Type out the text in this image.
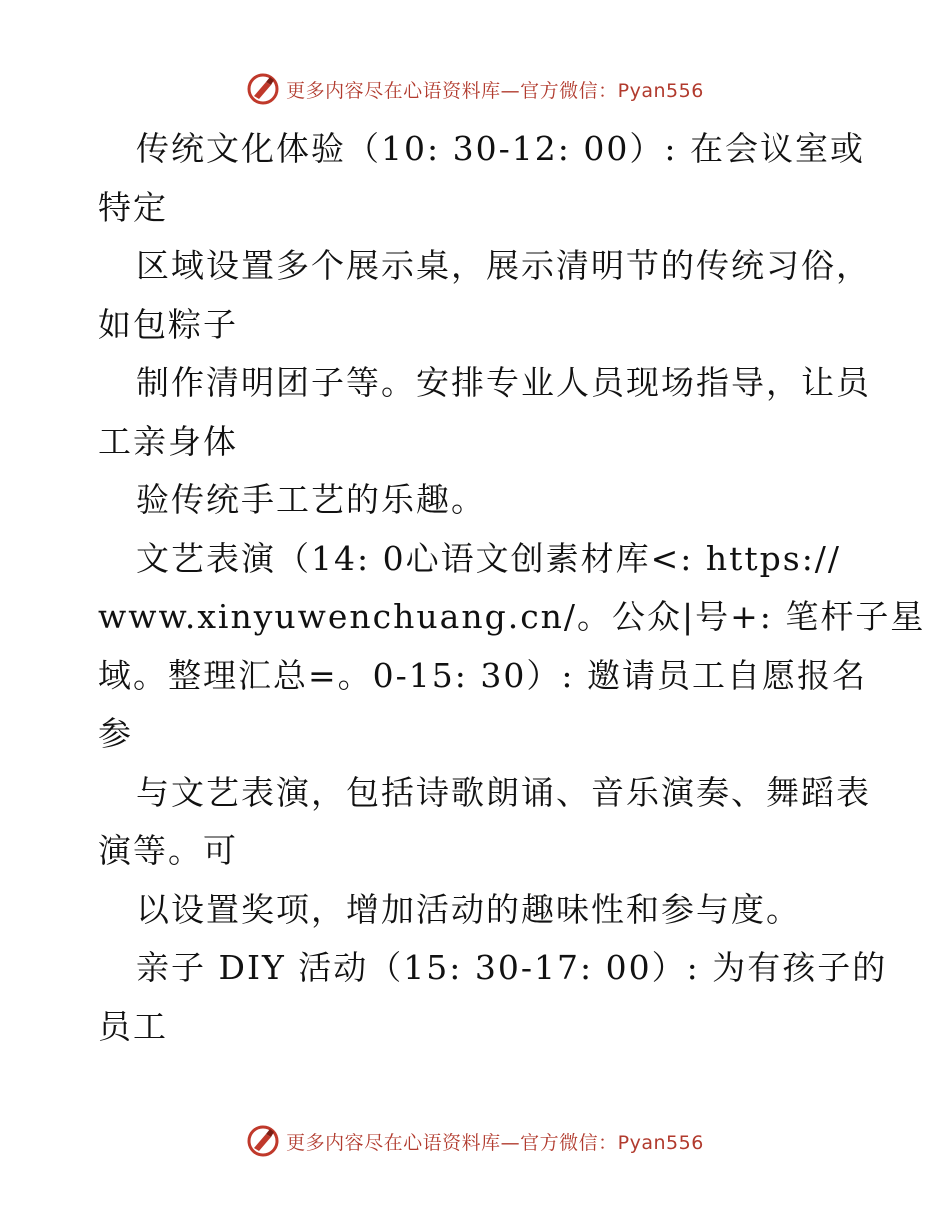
更多内容尽在心语资料库—官方微信：Pyan556
传统文化体验（10: 30-12: 00）: 在会议室或
特定
区域设置多个展示桌，展示清明节的传统习俗，
如包粽子
制作清明团子等。安排专业人员现场指导，让员
工亲身体
验传统手工艺的乐趣。
文艺表演（14: 0心语文创素材库<: https://
www.xinyuwenchuang.cn/。公众|号+: 笔杆子星
域。整理汇总=。0-15: 30）: 邀请员工自愿报名
参
与文艺表演，包括诗歌朗诵、音乐演奏、舞蹈表
演等。可
以设置奖项，增加活动的趣味性和参与度。
亲子 DIY 活动（15: 30-17: 00）: 为有孩子的
员工
更多内容尽在心语资料库—官方微信：Pyan556
